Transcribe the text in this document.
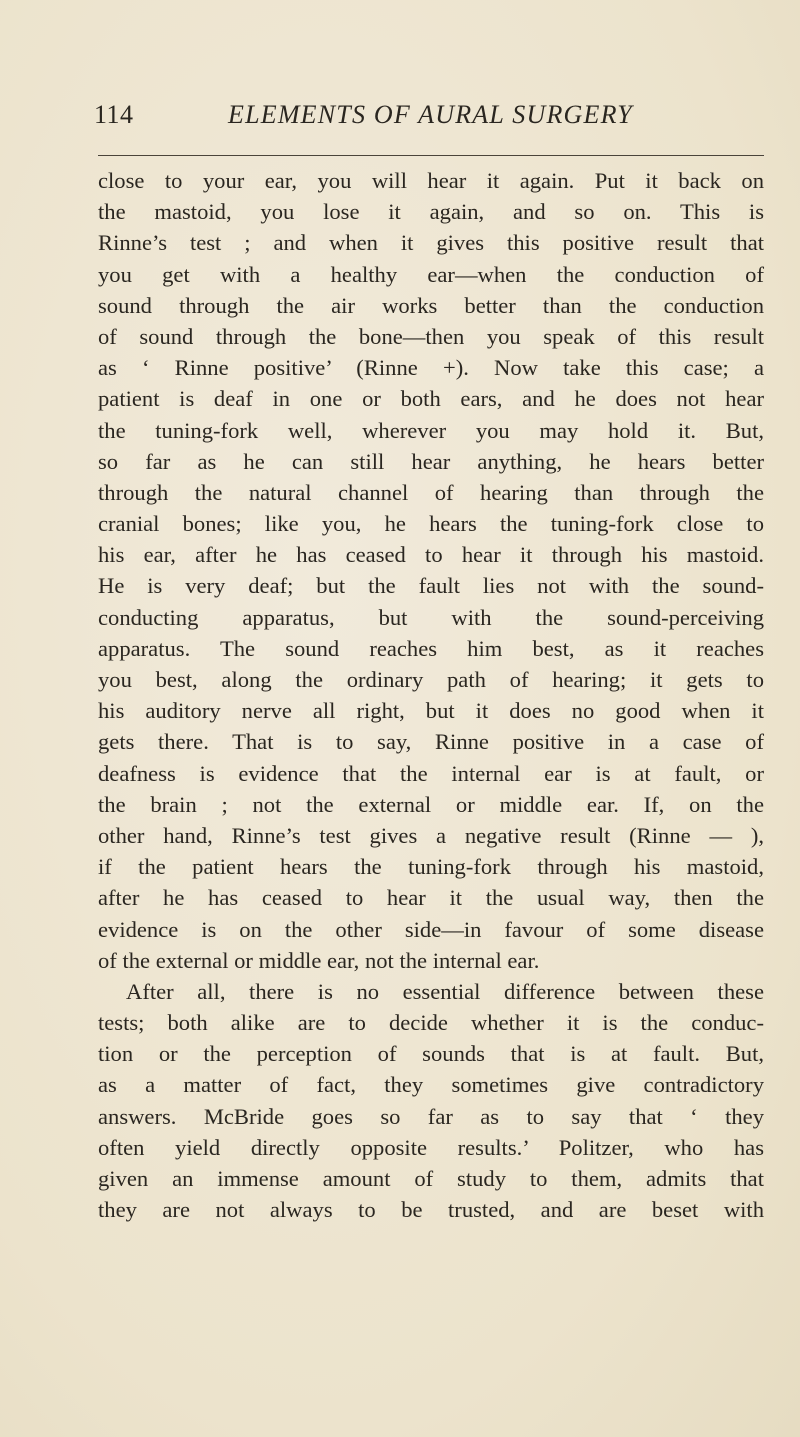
114	ELEMENTS OF AURAL SURGERY
close to your ear, you will hear it again. Put it back on
the mastoid, you lose it again, and so on. This is
Rinne’s test ; and when it gives this positive result that
you get with a healthy ear—when the conduction of
sound through the air works better than the conduction
of sound through the bone—then you speak of this result
as ‘ Rinne positive’ (Rinne +). Now take this case; a
patient is deaf in one or both ears, and he does not hear
the tuning-fork well, wherever you may hold it. But,
so far as he can still hear anything, he hears better
through the natural channel of hearing than through the
cranial bones; like you, he hears the tuning-fork close to
his ear, after he has ceased to hear it through his mastoid.
He is very deaf; but the fault lies not with the sound-
conducting apparatus, but with the sound-perceiving
apparatus. The sound reaches him best, as it reaches
you best, along the ordinary path of hearing; it gets to
his auditory nerve all right, but it does no good when it
gets there. That is to say, Rinne positive in a case of
deafness is evidence that the internal ear is at fault, or
the brain ; not the external or middle ear. If, on the
other hand, Rinne’s test gives a negative result (Rinne — ),
if the patient hears the tuning-fork through his mastoid,
after he has ceased to hear it the usual way, then the
evidence is on the other side—in favour of some disease
of the external or middle ear, not the internal ear.
After all, there is no essential difference between these
tests; both alike are to decide whether it is the conduc-
tion or the perception of sounds that is at fault. But,
as a matter of fact, they sometimes give contradictory
answers. McBride goes so far as to say that ‘ they
often yield directly opposite results.’ Politzer, who has
given an immense amount of study to them, admits that
they are not always to be trusted, and are beset with
